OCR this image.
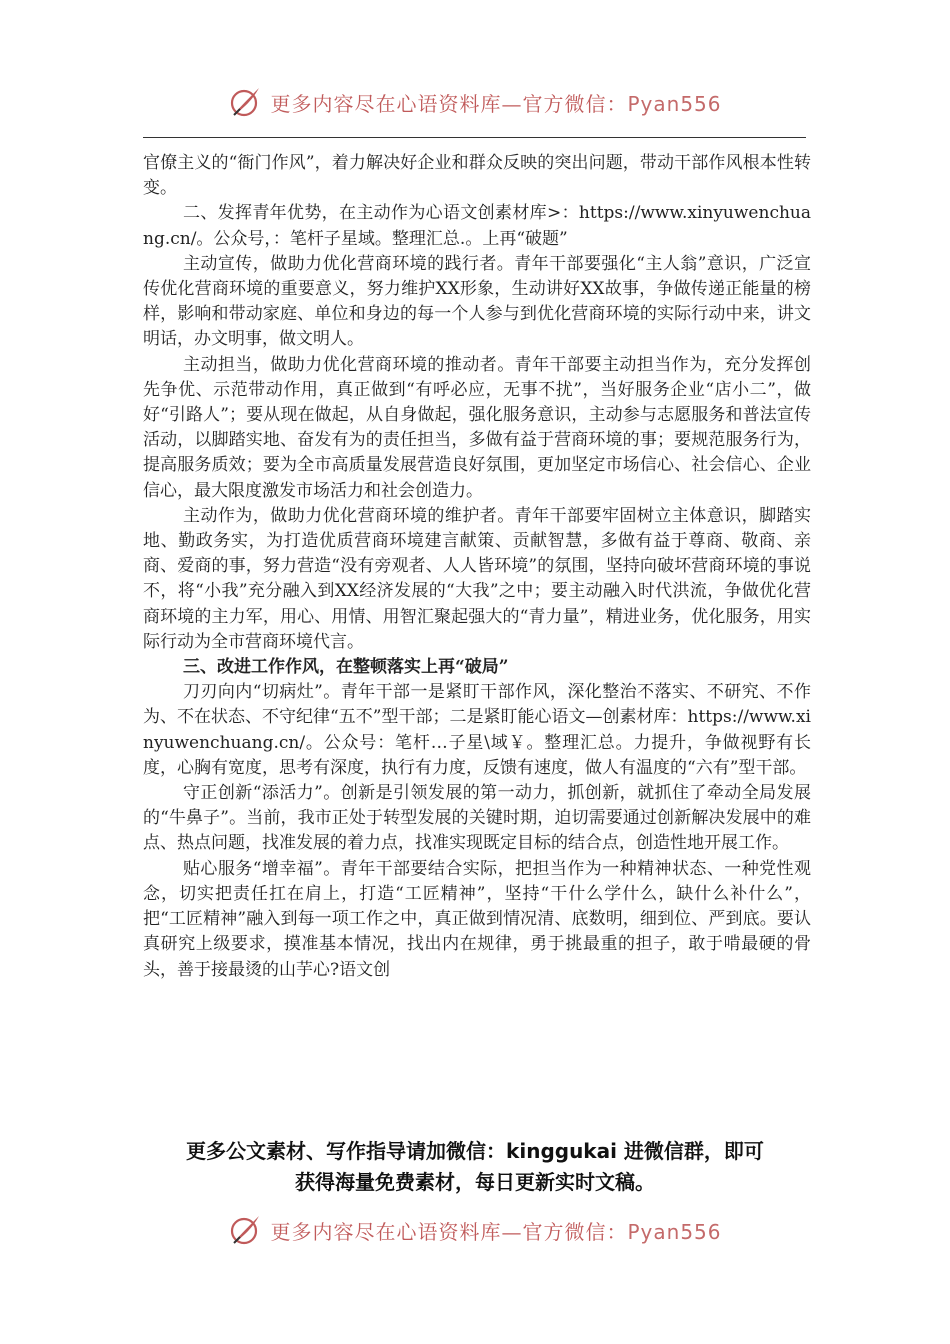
更多内容尽在心语资料库—官方微信：Pyan556

官僚主义的“衙门作风”，着力解决好企业和群众反映的突出问题，带动干部作风根本性转变。

二、发挥青年优势，在主动作为心语文创素材库>：https://www.xinyuwenchuang.cn/。公众号，：笔杆子星域。整理汇总.。上再“破题”

主动宣传，做助力优化营商环境的践行者。青年干部要强化“主人翁”意识，广泛宣传优化营商环境的重要意义，努力维护XX形象，生动讲好XX故事，争做传递正能量的榜样，影响和带动家庭、单位和身边的每一个人参与到优化营商环境的实际行动中来，讲文明话，办文明事，做文明人。

主动担当，做助力优化营商环境的推动者。青年干部要主动担当作为，充分发挥创先争优、示范带动作用，真正做到“有呼必应，无事不扰”，当好服务企业“店小二”，做好“引路人”；要从现在做起，从自身做起，强化服务意识，主动参与志愿服务和普法宣传活动，以脚踏实地、奋发有为的责任担当，多做有益于营商环境的事；要规范服务行为，提高服务质效；要为全市高质量发展营造良好氛围，更加坚定市场信心、社会信心、企业信心，最大限度激发市场活力和社会创造力。

主动作为，做助力优化营商环境的维护者。青年干部要牢固树立主体意识，脚踏实地、勤政务实，为打造优质营商环境建言献策、贡献智慧，多做有益于尊商、敬商、亲商、爱商的事，努力营造“没有旁观者、人人皆环境”的氛围，坚持向破坏营商环境的事说不，将“小我”充分融入到XX经济发展的“大我”之中；要主动融入时代洪流，争做优化营商环境的主力军，用心、用情、用智汇聚起强大的“青力量”，精进业务，优化服务，用实际行动为全市营商环境代言。

三、改进工作作风，在整顿落实上再“破局”

刀刃向内“切病灶”。青年干部一是紧盯干部作风，深化整治不落实、不研究、不作为、不在状态、不守纪律“五不”型干部；二是紧盯能心语文—创素材库：https://www.xinyuwenchuang.cn/。公众号：笔杆…子星\域￥。整理汇总。力提升，争做视野有长度，心胸有宽度，思考有深度，执行有力度，反馈有速度，做人有温度的“六有”型干部。

守正创新“添活力”。创新是引领发展的第一动力，抓创新，就抓住了牵动全局发展的“牛鼻子”。当前，我市正处于转型发展的关键时期，迫切需要通过创新解决发展中的难点、热点问题，找准发展的着力点，找准实现既定目标的结合点，创造性地开展工作。

贴心服务“增幸福”。青年干部要结合实际，把担当作为一种精神状态、一种党性观念，切实把责任扛在肩上，打造“工匠精神”，坚持“干什么学什么，缺什么补什么”，把“工匠精神”融入到每一项工作之中，真正做到情况清、底数明，细到位、严到底。要认真研究上级要求，摸准基本情况，找出内在规律，勇于挑最重的担子，敢于啃最硬的骨头，善于接最烫的山芋心?语文创

更多公文素材、写作指导请加微信：kinggukai 进微信群，即可
获得海量免费素材，每日更新实时文稿。
更多内容尽在心语资料库—官方微信：Pyan556
